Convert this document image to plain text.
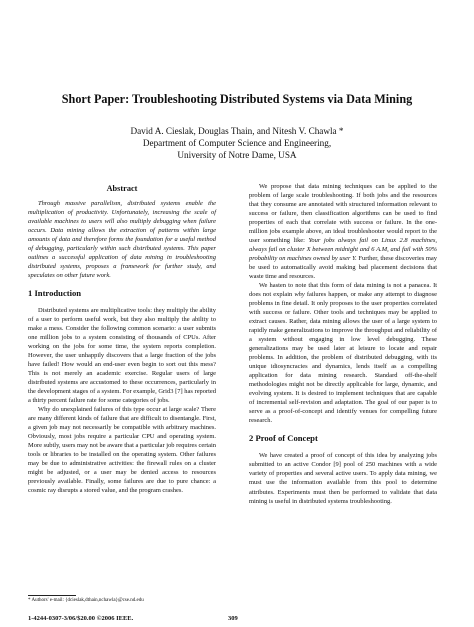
Short Paper: Troubleshooting Distributed Systems via Data Mining
David A. Cieslak, Douglas Thain, and Nitesh V. Chawla *
Department of Computer Science and Engineering,
University of Notre Dame, USA
Abstract

Through massive parallelism, distributed systems enable the multiplication of productivity. Unfortunately, increasing the scale of available machines to users will also multiply debugging when failure occurs. Data mining allows the extraction of patterns within large amounts of data and therefore forms the foundation for a useful method of debugging, particularly within such distributed systems. This paper outlines a successful application of data mining in troubleshooting distributed systems, proposes a framework for further study, and speculates on other future work.

1 Introduction

Distributed systems are multiplicative tools: they multiply the ability of a user to perform useful work, but they also multiply the ability to make a mess. Consider the following common scenario: a user submits one million jobs to a system consisting of thousands of CPUs. After working on the jobs for some time, the system reports completion. However, the user unhappily discovers that a large fraction of the jobs have failed! How would an end-user even begin to sort out this mess? This is not merely an academic exercise. Regular users of large distributed systems are accustomed to these occurrences, particularly in the development stages of a system. For example, Grid3 [7] has reported a thirty percent failure rate for some categories of jobs.

Why do unexplained failures of this type occur at large scale? There are many different kinds of failure that are difficult to disentangle. First, a given job may not necessarily be compatible with arbitrary machines. Obviously, most jobs require a particular CPU and operating system. More subtly, users may not be aware that a particular job requires certain tools or libraries to be installed on the operating system. Other failures may be due to administrative activities: the firewall rules on a cluster might be adjusted, or a user may be denied access to resources previously available. Finally, some failures are due to pure chance: a cosmic ray disrupts a stored value, and the program crashes.

We propose that data mining techniques can be applied to the problem of large scale troubleshooting. If both jobs and the resources that they consume are annotated with structured information relevant to success or failure, then classification algorithms can be used to find properties of each that correlate with success or failure. In the one-million jobs example above, an ideal troubleshooter would report to the user something like: Your jobs always fail on Linux 2.8 machines, always fail on cluster X between midnight and 6 A.M, and fail with 50% probability on machines owned by user Y. Further, these discoveries may be used to automatically avoid making bad placement decisions that waste time and resources.

We hasten to note that this form of data mining is not a panacea. It does not explain why failures happen, or make any attempt to diagnose problems in fine detail. It only proposes to the user properties correlated with success or failure. Other tools and techniques may be applied to extract causes. Rather, data mining allows the user of a large system to rapidly make generalizations to improve the throughput and reliability of a system without engaging in low level debugging. These generalizations may be used later at leisure to locate and repair problems. In addition, the problem of distributed debugging, with its unique idiosyncracies and dynamics, lends itself as a compelling application for data mining research. Standard off-the-shelf methodologies might not be directly applicable for large, dynamic, and evolving system. It is desired to implement techniques that are capable of incremental self-revision and adaptation. The goal of our paper is to serve as a proof-of-concept and identify venues for compelling future research.

2 Proof of Concept

We have created a proof of concept of this idea by analyzing jobs submitted to an active Condor [9] pool of 250 machines with a wide variety of properties and several active users. To apply data mining, we must use the information available from this pool to determine attributes. Experiments must then be performed to validate that data mining is useful in distributed systems troubleshooting.

* Authors' e-mail: {dcieslak,dthain,nchawla}@cse.nd.edu
1-4244-0307-3/06/$20.00 ©2006 IEEE.	309
